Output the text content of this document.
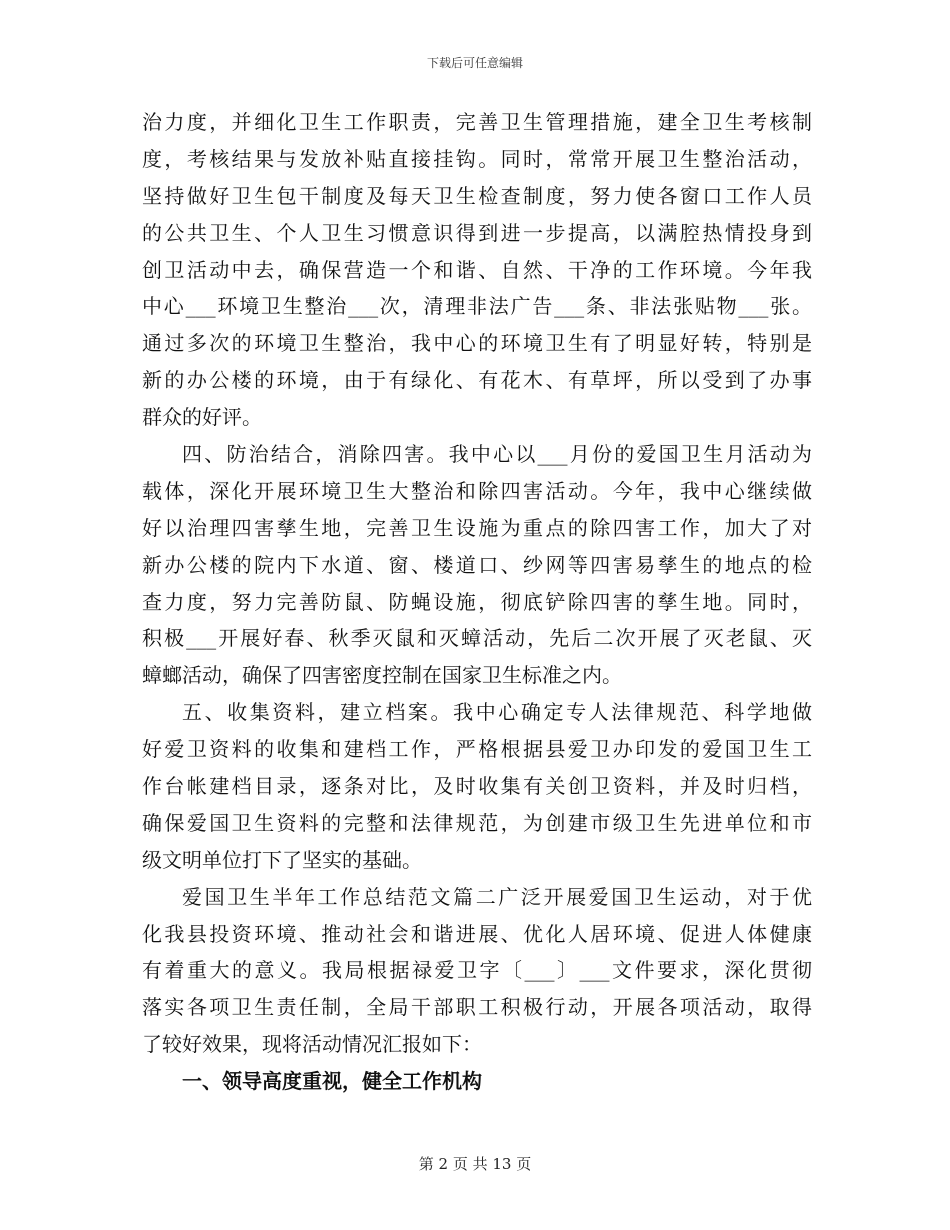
下载后可任意编辑
治力度，并细化卫生工作职责，完善卫生管理措施，建全卫生考核制
度，考核结果与发放补贴直接挂钩。同时，常常开展卫生整治活动，
坚持做好卫生包干制度及每天卫生检查制度，努力使各窗口工作人员
的公共卫生、个人卫生习惯意识得到进一步提高，以满腔热情投身到
创卫活动中去，确保营造一个和谐、自然、干净的工作环境。今年我
中心___环境卫生整治___次，清理非法广告___条、非法张贴物___张。
通过多次的环境卫生整治，我中心的环境卫生有了明显好转，特别是
新的办公楼的环境，由于有绿化、有花木、有草坪，所以受到了办事
群众的好评。
四、防治结合，消除四害。我中心以___月份的爱国卫生月活动为
载体，深化开展环境卫生大整治和除四害活动。今年，我中心继续做
好以治理四害孳生地，完善卫生设施为重点的除四害工作，加大了对
新办公楼的院内下水道、窗、楼道口、纱网等四害易孳生的地点的检
查力度，努力完善防鼠、防蝇设施，彻底铲除四害的孳生地。同时，
积极___开展好春、秋季灭鼠和灭蟑活动，先后二次开展了灭老鼠、灭
蟑螂活动，确保了四害密度控制在国家卫生标准之内。
五、收集资料，建立档案。我中心确定专人法律规范、科学地做
好爱卫资料的收集和建档工作，严格根据县爱卫办印发的爱国卫生工
作台帐建档目录，逐条对比，及时收集有关创卫资料，并及时归档，
确保爱国卫生资料的完整和法律规范，为创建市级卫生先进单位和市
级文明单位打下了坚实的基础。
爱国卫生半年工作总结范文篇二广泛开展爱国卫生运动，对于优
化我县投资环境、推动社会和谐进展、优化人居环境、促进人体健康
有着重大的意义。我局根据禄爱卫字〔___〕___文件要求，深化贯彻
落实各项卫生责任制，全局干部职工积极行动，开展各项活动，取得
了较好效果，现将活动情况汇报如下：
一、领导高度重视，健全工作机构
第 2 页 共 13 页
